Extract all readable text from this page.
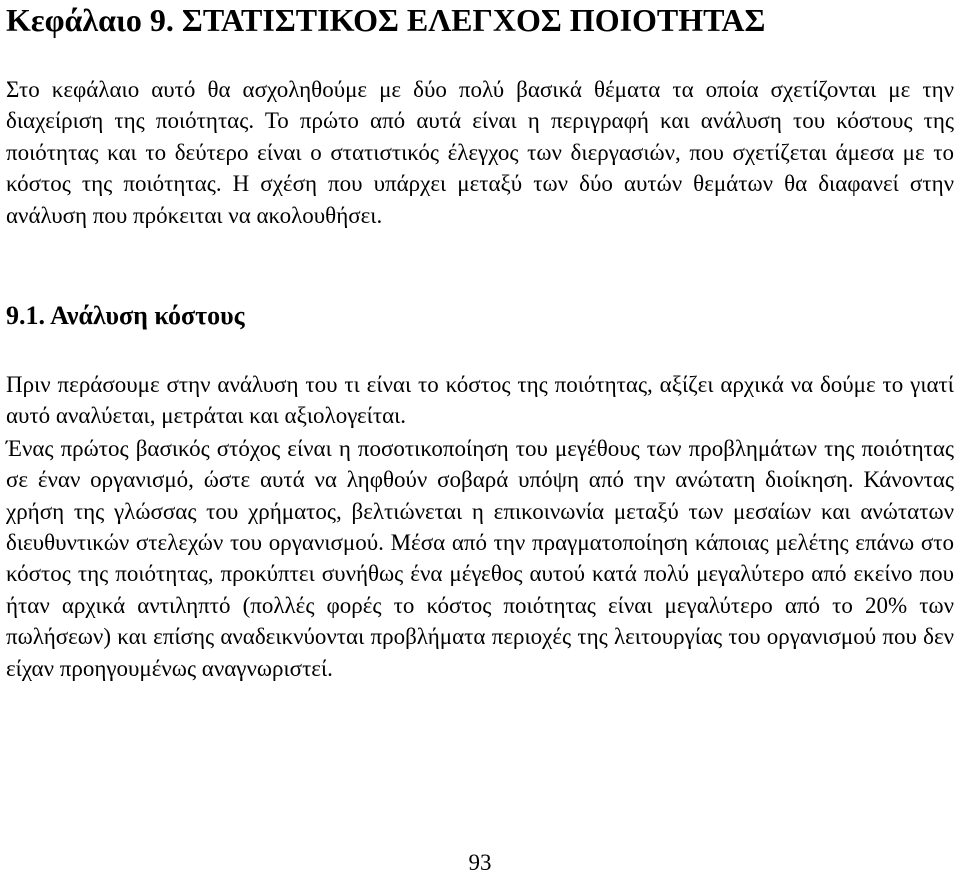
Κεφάλαιο 9. ΣΤΑΤΙΣΤΙΚΟΣ ΕΛΕΓΧΟΣ ΠΟΙΟΤΗΤΑΣ

Στο κεφάλαιο αυτό θα ασχοληθούμε με δύο πολύ βασικά θέματα τα οποία σχετίζονται με την διαχείριση της ποιότητας. Το πρώτο από αυτά είναι η περιγραφή και ανάλυση του κόστους της ποιότητας και το δεύτερο είναι ο στατιστικός έλεγχος των διεργασιών, που σχετίζεται άμεσα με το κόστος της ποιότητας. Η σχέση που υπάρχει μεταξύ των δύο αυτών θεμάτων θα διαφανεί στην ανάλυση που πρόκειται να ακολουθήσει.

9.1. Ανάλυση κόστους

Πριν περάσουμε στην ανάλυση του τι είναι το κόστος της ποιότητας, αξίζει αρχικά να δούμε το γιατί αυτό αναλύεται, μετράται και αξιολογείται.

Ένας πρώτος βασικός στόχος είναι η ποσοτικοποίηση του μεγέθους των προβλημάτων της ποιότητας σε έναν οργανισμό, ώστε αυτά να ληφθούν σοβαρά υπόψη από την ανώτατη διοίκηση. Κάνοντας χρήση της γλώσσας του χρήματος, βελτιώνεται η επικοινωνία μεταξύ των μεσαίων και ανώτατων διευθυντικών στελεχών του οργανισμού. Μέσα από την πραγματοποίηση κάποιας μελέτης επάνω στο κόστος της ποιότητας, προκύπτει συνήθως ένα μέγεθος αυτού κατά πολύ μεγαλύτερο από εκείνο που ήταν αρχικά αντιληπτό (πολλές φορές το κόστος ποιότητας είναι μεγαλύτερο από το 20% των πωλήσεων) και επίσης αναδεικνύονται προβλήματα περιοχές της λειτουργίας του οργανισμού που δεν είχαν προηγουμένως αναγνωριστεί.

93
